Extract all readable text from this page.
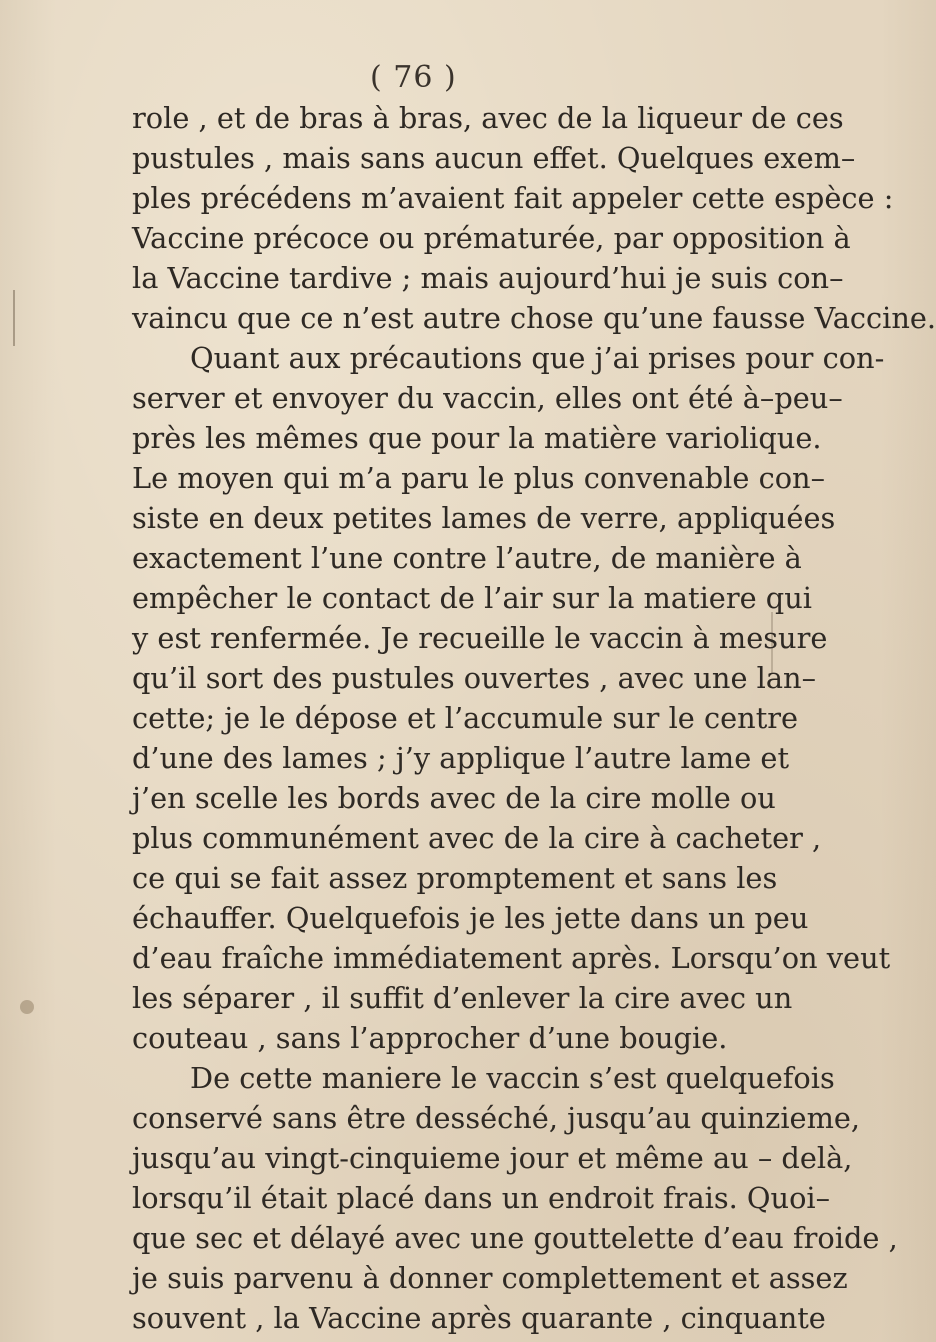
( 76 )
role , et de bras à bras, avec de la liqueur de ces
pustules , mais sans aucun effet. Quelques exem–
ples précédens m’avaient fait appeler cette espèce :
Vaccine précoce ou prématurée, par opposition à
la Vaccine tardive ; mais aujourd’hui je suis con–
vaincu que ce n’est autre chose qu’une fausse Vaccine.
Quant aux précautions que j’ai prises pour con-
server et envoyer du vaccin, elles ont été à–peu–
près les mêmes que pour la matière variolique.
Le moyen qui m’a paru le plus convenable con–
siste en deux petites lames de verre, appliquées
exactement l’une contre l’autre, de manière à
empêcher le contact de l’air sur la matiere qui
y est renfermée. Je recueille le vaccin à mesure
qu’il sort des pustules ouvertes , avec une lan–
cette; je le dépose et l’accumule sur le centre
d’une des lames ; j’y applique l’autre lame et
j’en scelle les bords avec de la cire molle ou
plus communément avec de la cire à cacheter ,
ce qui se fait assez promptement et sans les
échauffer. Quelquefois je les jette dans un peu
d’eau fraîche immédiatement après. Lorsqu’on veut
les séparer , il suffit d’enlever la cire avec un
couteau , sans l’approcher d’une bougie.
De cette maniere le vaccin s’est quelquefois
conservé sans être desséché, jusqu’au quinzieme,
jusqu’au vingt-cinquieme jour et même au – delà,
lorsqu’il était placé dans un endroit frais. Quoi–
que sec et délayé avec une gouttelette d’eau froide ,
je suis parvenu à donner complettement et assez
souvent , la Vaccine après quarante , cinquante
